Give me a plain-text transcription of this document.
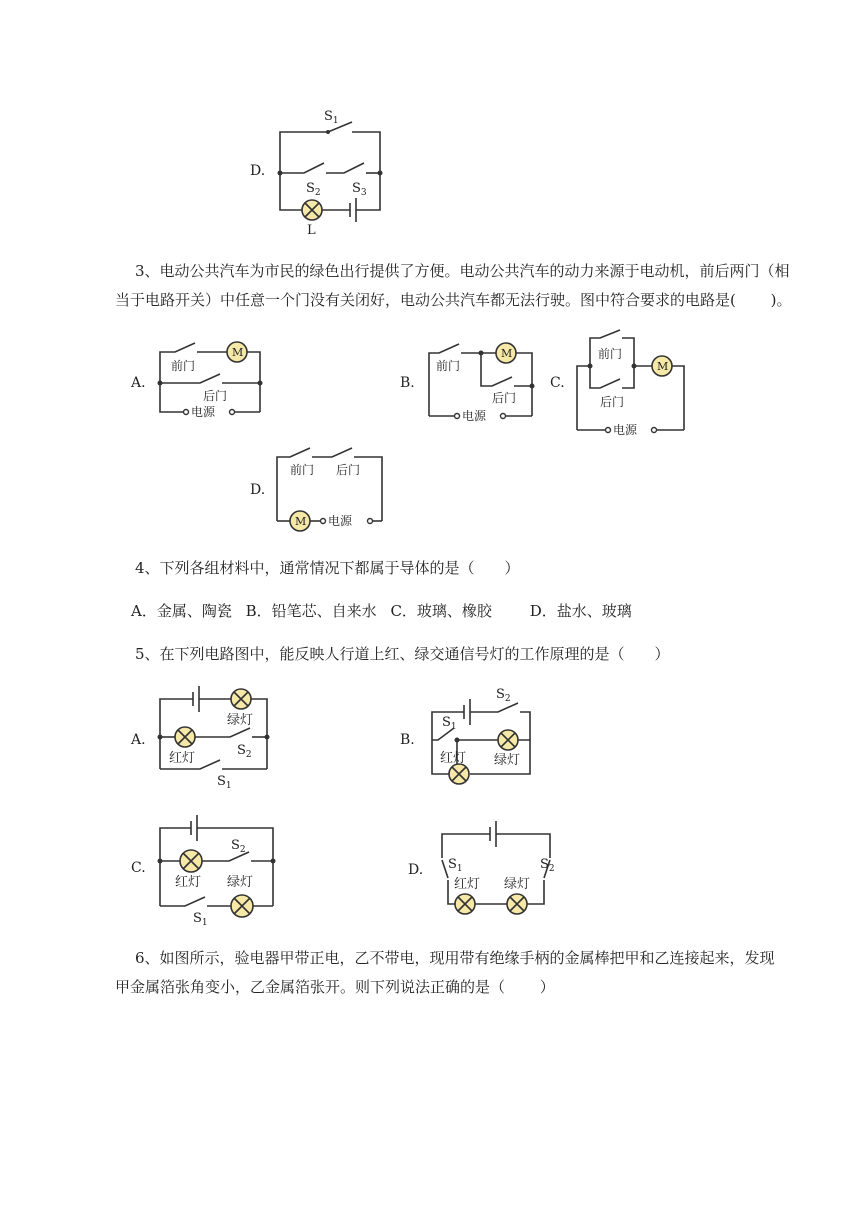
D.
$S_1$
$S_2$ $S_3$
L
3、电动公共汽车为市民的绿色出行提供了方便。电动公共汽车的动力来源于电动机，前后两门（相
当于电路开关）中任意一个门没有关闭好，电动公共汽车都无法行驶。图中符合要求的电路是(　　 )。
A.
M
前门
后门
电源
B.
M
前门
后门
电源
C.
M
前门
后门
电源
D.
前门 后门
M 电源
4、下列各组材料中，通常情况下都属于导体的是（　　）
A．金属、陶瓷 B．铅笔芯、自来水 C．玻璃、橡胶	D．盐水、玻璃
5、在下列电路图中，能反映人行道上红、绿交通信号灯的工作原理的是（　　）
A.
绿灯
红灯
$S_2$
$S_1$
B.
$S_2$
$S_1$
红灯 绿灯
C.
$S_2$
红灯 绿灯
$S_1$
D. $S_1$	$S_2$
红灯 绿灯
6、如图所示，验电器甲带正电，乙不带电，现用带有绝缘手柄的金属棒把甲和乙连接起来，发现
甲金属箔张角变小，乙金属箔张开。则下列说法正确的是（　　 ）
